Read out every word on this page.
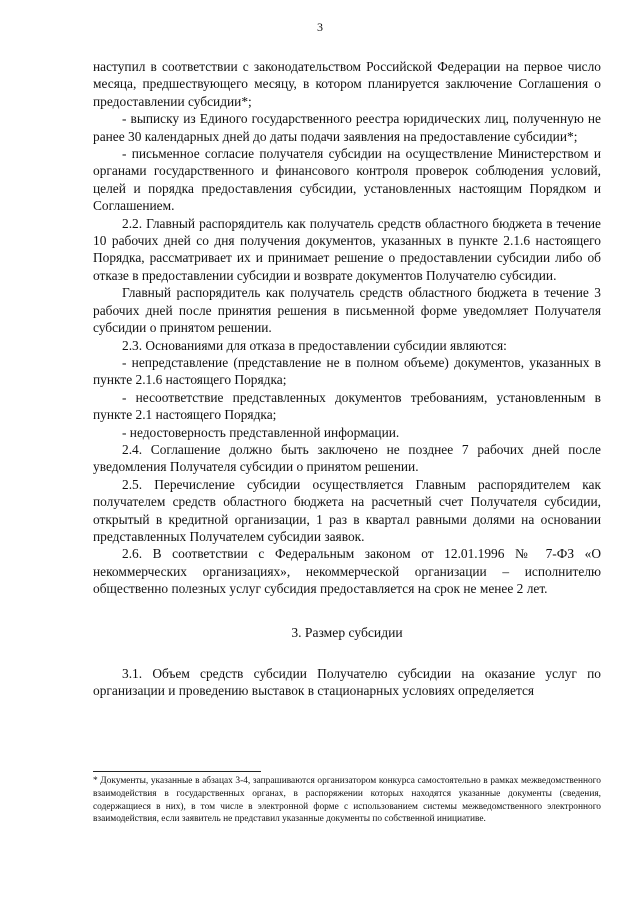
3

наступил в соответствии с законодательством Российской Федерации на первое число месяца, предшествующего месяцу, в котором планируется заключение Соглашения о предоставлении субсидии*;

- выписку из Единого государственного реестра юридических лиц, полученную не ранее 30 календарных дней до даты подачи заявления на предоставление субсидии*;

- письменное согласие получателя субсидии на осуществление Министерством и органами государственного и финансового контроля проверок соблюдения условий, целей и порядка предоставления субсидии, установленных настоящим Порядком и Соглашением.

2.2. Главный распорядитель как получатель средств областного бюджета в течение 10 рабочих дней со дня получения документов, указанных в пункте 2.1.6 настоящего Порядка, рассматривает их и принимает решение о предоставлении субсидии либо об отказе в предоставлении субсидии и возврате документов Получателю субсидии.

Главный распорядитель как получатель средств областного бюджета в течение 3 рабочих дней после принятия решения в письменной форме уведомляет Получателя субсидии о принятом решении.

2.3. Основаниями для отказа в предоставлении субсидии являются:

- непредставление (представление не в полном объеме) документов, указанных в пункте 2.1.6 настоящего Порядка;

- несоответствие представленных документов требованиям, установленным в пункте 2.1 настоящего Порядка;

- недостоверность представленной информации.

2.4. Соглашение должно быть заключено не позднее 7 рабочих дней после уведомления Получателя субсидии о принятом решении.

2.5. Перечисление субсидии осуществляется Главным распорядителем как получателем средств областного бюджета на расчетный счет Получателя субсидии, открытый в кредитной организации, 1 раз в квартал равными долями на основании представленных Получателем субсидии заявок.

2.6. В соответствии с Федеральным законом от 12.01.1996 № 7-ФЗ «О некоммерческих организациях», некоммерческой организации – исполнителю общественно полезных услуг субсидия предоставляется на срок не менее 2 лет.

3. Размер субсидии

3.1. Объем средств субсидии Получателю субсидии на оказание услуг по организации и проведению выставок в стационарных условиях определяется

* Документы, указанные в абзацах 3-4, запрашиваются организатором конкурса самостоятельно в рамках межведомственного взаимодействия в государственных органах, в распоряжении которых находятся указанные документы (сведения, содержащиеся в них), в том числе в электронной форме с использованием системы межведомственного электронного взаимодействия, если заявитель не представил указанные документы по собственной инициативе.
